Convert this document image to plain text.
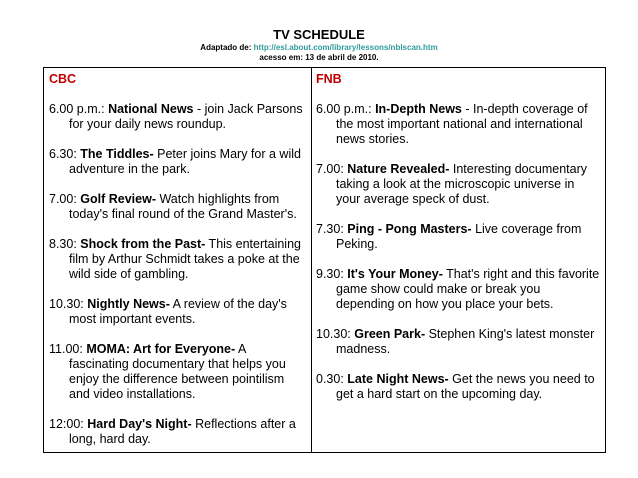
TV SCHEDULE
Adaptado de: http://esl.about.com/library/lessons/nblscan.htm
acesso em: 13 de abril de 2010.
CBC
6.00 p.m.: National News - join Jack Parsons for your daily news roundup.
6.30: The Tiddles- Peter joins Mary for a wild adventure in the park.
7.00: Golf Review- Watch highlights from today's final round of the Grand Master's.
8.30: Shock from the Past- This entertaining film by Arthur Schmidt takes a poke at the wild side of gambling.
10.30: Nightly News- A review of the day's most important events.
11.00: MOMA: Art for Everyone- A fascinating documentary that helps you enjoy the difference between pointilism and video installations.
12:00: Hard Day's Night- Reflections after a long, hard day.
FNB
6.00 p.m.: In-Depth News - In-depth coverage of the most important national and international news stories.
7.00: Nature Revealed- Interesting documentary taking a look at the microscopic universe in your average speck of dust.
7.30: Ping - Pong Masters- Live coverage from Peking.
9.30: It's Your Money- That's right and this favorite game show could make or break you depending on how you place your bets.
10.30: Green Park- Stephen King's latest monster madness.
0.30: Late Night News- Get the news you need to get a hard start on the upcoming day.
